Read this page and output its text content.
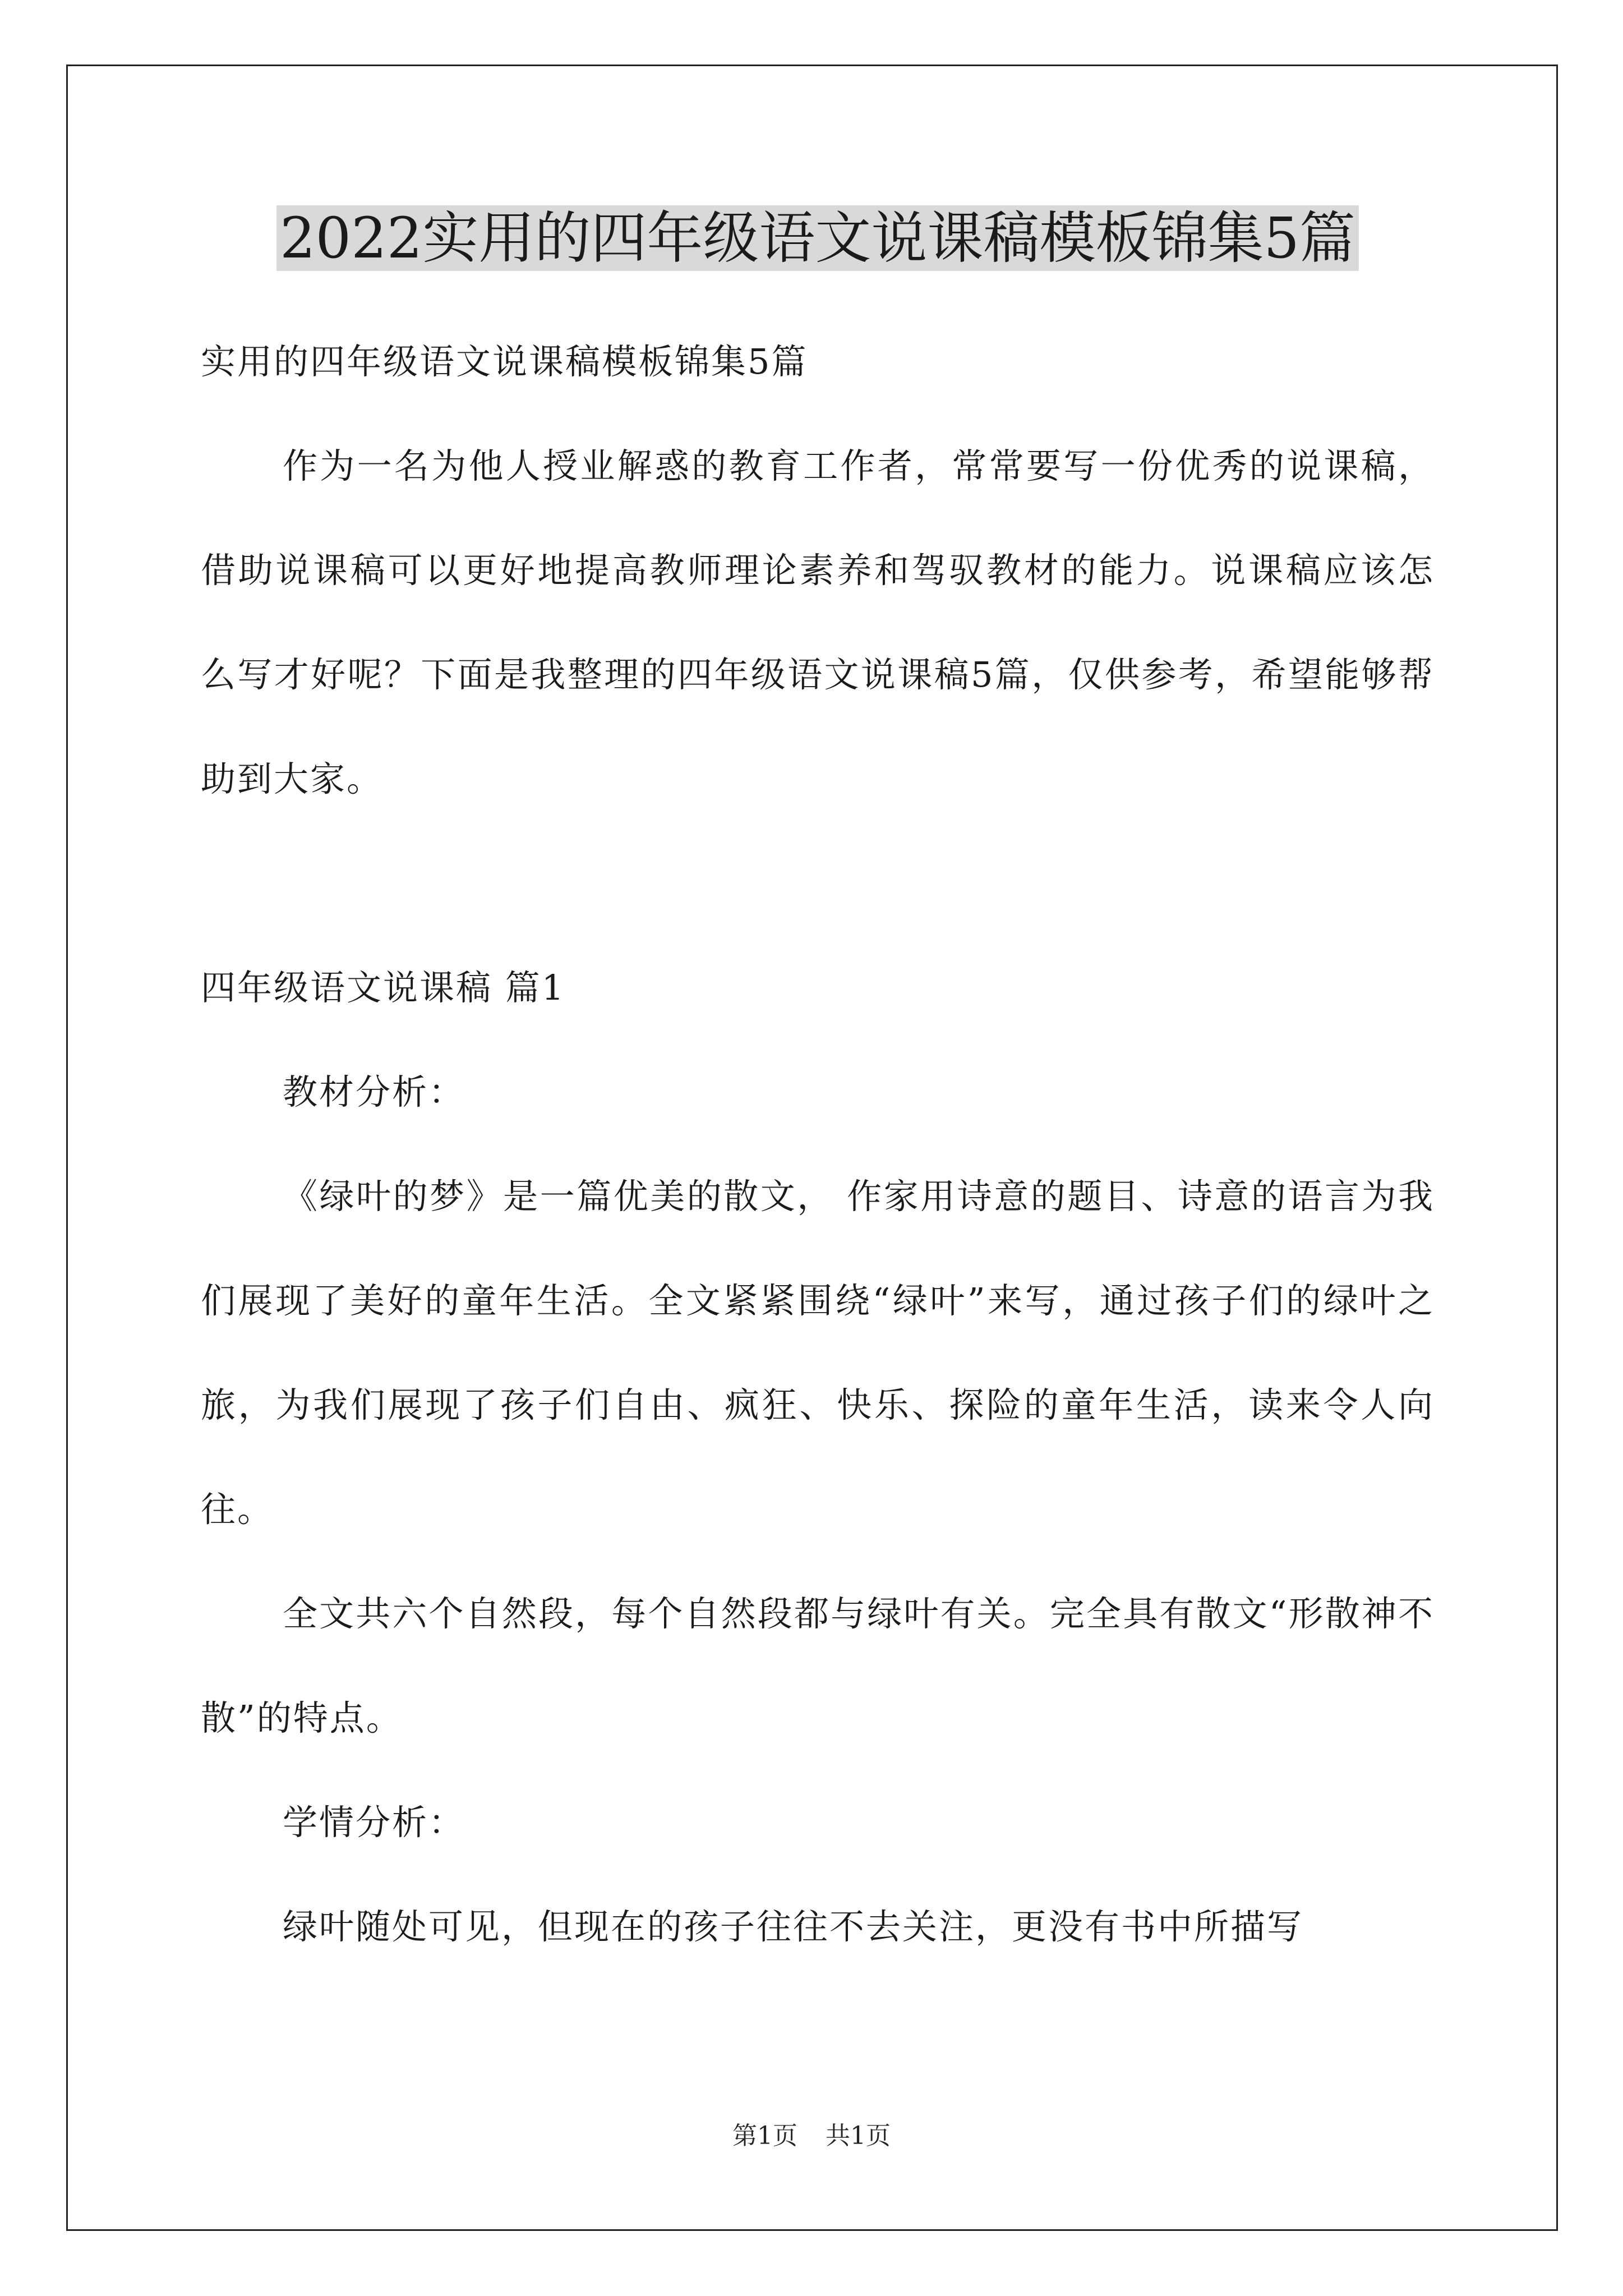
2022实用的四年级语文说课稿模板锦集5篇

实用的四年级语文说课稿模板锦集5篇

作为一名为他人授业解惑的教育工作者，常常要写一份优秀的说课稿，借助说课稿可以更好地提高教师理论素养和驾驭教材的能力。说课稿应该怎么写才好呢？下面是我整理的四年级语文说课稿5篇，仅供参考，希望能够帮助到大家。

四年级语文说课稿 篇1

教材分析：

《绿叶的梦》是一篇优美的散文， 作家用诗意的题目、诗意的语言为我们展现了美好的童年生活。全文紧紧围绕“绿叶”来写，通过孩子们的绿叶之旅，为我们展现了孩子们自由、疯狂、快乐、探险的童年生活，读来令人向往。

全文共六个自然段，每个自然段都与绿叶有关。完全具有散文“形散神不散”的特点。

学情分析：

绿叶随处可见，但现在的孩子往往不去关注，更没有书中所描写

第1页 共1页
